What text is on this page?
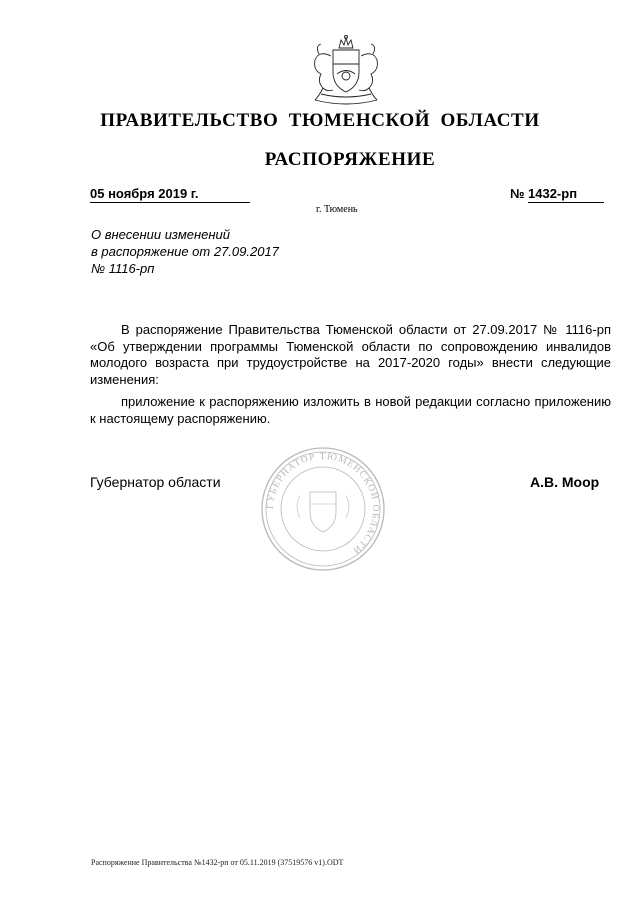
ПРАВИТЕЛЬСТВО ТЮМЕНСКОЙ ОБЛАСТИ
РАСПОРЯЖЕНИЕ
05 ноября 2019 г.	№ 1432-рп
г. Тюмень
О внесении изменений
в распоряжение от 27.09.2017
№ 1116-рп

В распоряжение Правительства Тюменской области от 27.09.2017 № 1116-рп «Об утверждении программы Тюменской области по сопровождению инвалидов молодого возраста при трудоустройстве на 2017-2020 годы» внести следующие изменения:

приложение к распоряжению изложить в новой редакции согласно приложению к настоящему распоряжению.

ГУБЕРНАТОР ТЮМЕНСКОЙ ОБЛАСТИ
Губернатор области	А.В. Моор
Распоряжение Правительства №1432-рп от 05.11.2019 (37519576 v1).ODT
